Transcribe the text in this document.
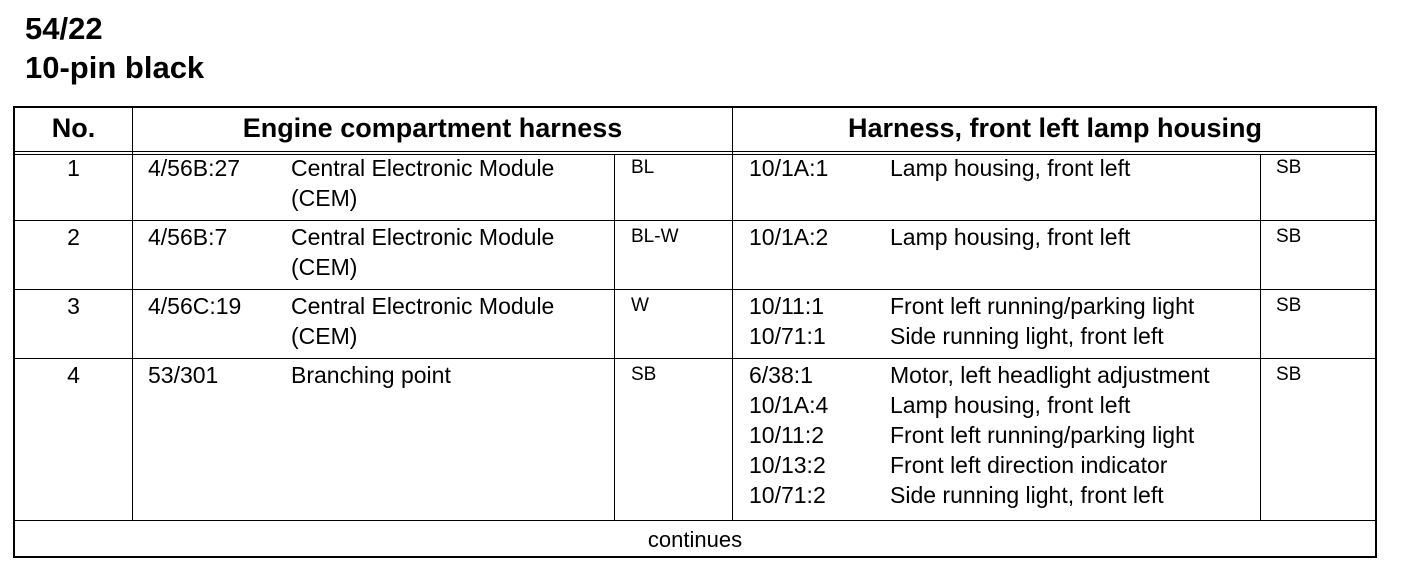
54/22
10-pin black
No.	Engine compartment harness	Harness, front left lamp housing
1	4/56B:27 Central Electronic Module
(CEM)
BL	10/1A:1	Lamp housing, front left	SB
2	4/56B:7	Central Electronic Module
(CEM)
BL-W	10/1A:2	Lamp housing, front left	SB
3	4/56C:19 Central Electronic Module
(CEM)
W	10/11:1	Front left running/parking light
10/71:1	Side running light, front left
SB
4	53/301	Branching point	SB	6/38:1	Motor, left headlight adjustment
10/1A:4	Lamp housing, front left
10/11:2	Front left running/parking light
10/13:2	Front left direction indicator
10/71:2	Side running light, front left
SB
continues
